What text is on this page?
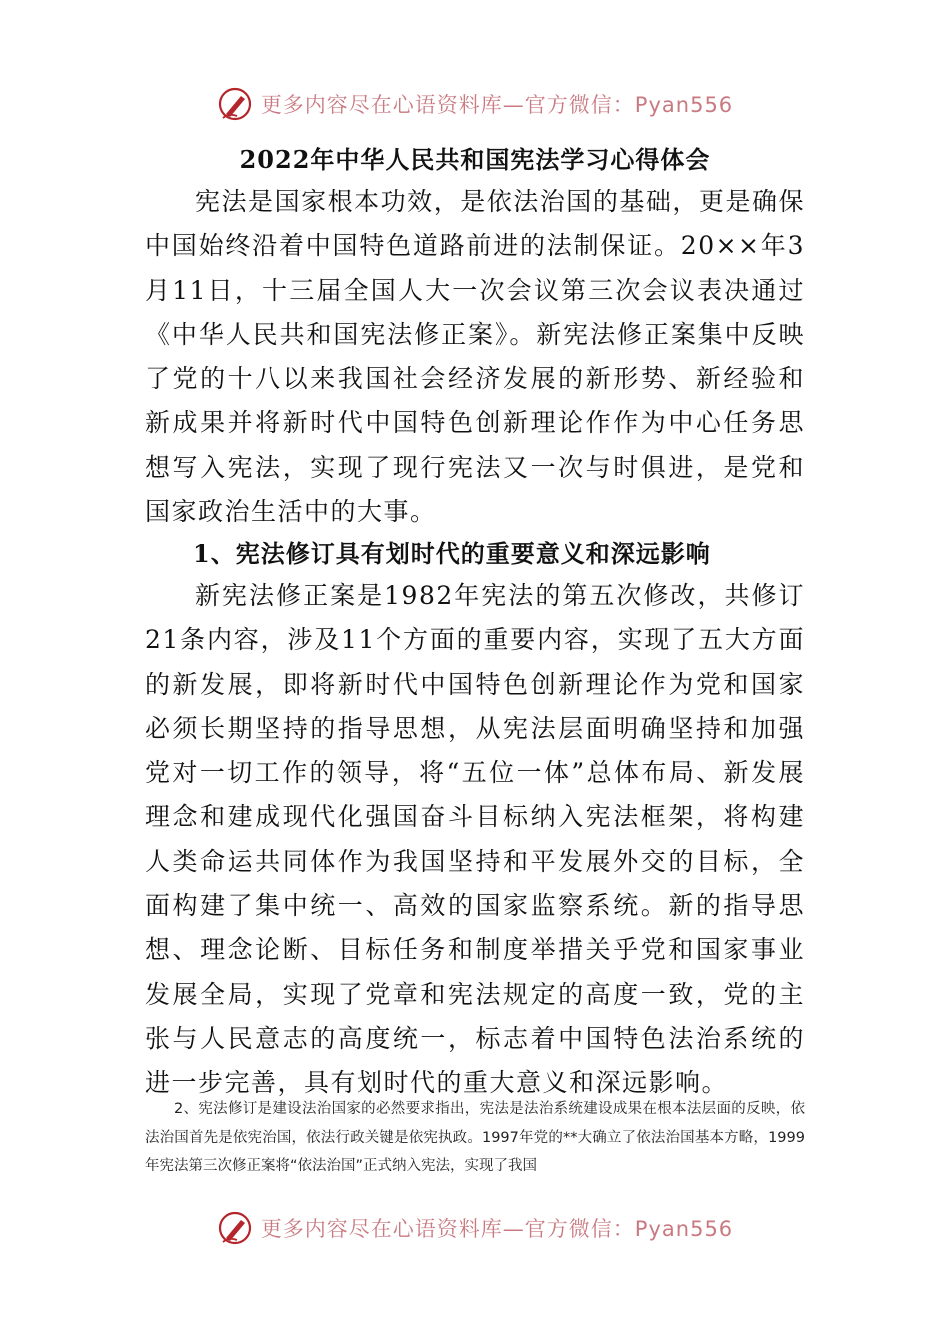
更多内容尽在心语资料库—官方微信：Pyan556
2022年中华人民共和国宪法学习心得体会

宪法是国家根本功效，是依法治国的基础，更是确保中国始终沿着中国特色道路前进的法制保证。20××年3月11日，十三届全国人大一次会议第三次会议表决通过《中华人民共和国宪法修正案》。新宪法修正案集中反映了党的十八以来我国社会经济发展的新形势、新经验和新成果并将新时代中国特色创新理论作作为中心任务思想写入宪法，实现了现行宪法又一次与时俱进，是党和国家政治生活中的大事。

1、宪法修订具有划时代的重要意义和深远影响

新宪法修正案是1982年宪法的第五次修改，共修订21条内容，涉及11个方面的重要内容，实现了五大方面的新发展，即将新时代中国特色创新理论作为党和国家必须长期坚持的指导思想，从宪法层面明确坚持和加强党对一切工作的领导，将“五位一体”总体布局、新发展理念和建成现代化强国奋斗目标纳入宪法框架，将构建人类命运共同体作为我国坚持和平发展外交的目标，全面构建了集中统一、高效的国家监察系统。新的指导思想、理念论断、目标任务和制度举措关乎党和国家事业发展全局，实现了党章和宪法规定的高度一致，党的主张与人民意志的高度统一，标志着中国特色法治系统的进一步完善，具有划时代的重大意义和深远影响。

2、宪法修订是建设法治国家的必然要求指出，宪法是法治系统建设成果在根本法层面的反映，依法治国首先是依宪治国，依法行政关键是依宪执政。1997年党的**大确立了依法治国基本方略，1999年宪法第三次修正案将“依法治国”正式纳入宪法，实现了我国

更多内容尽在心语资料库—官方微信：Pyan556
